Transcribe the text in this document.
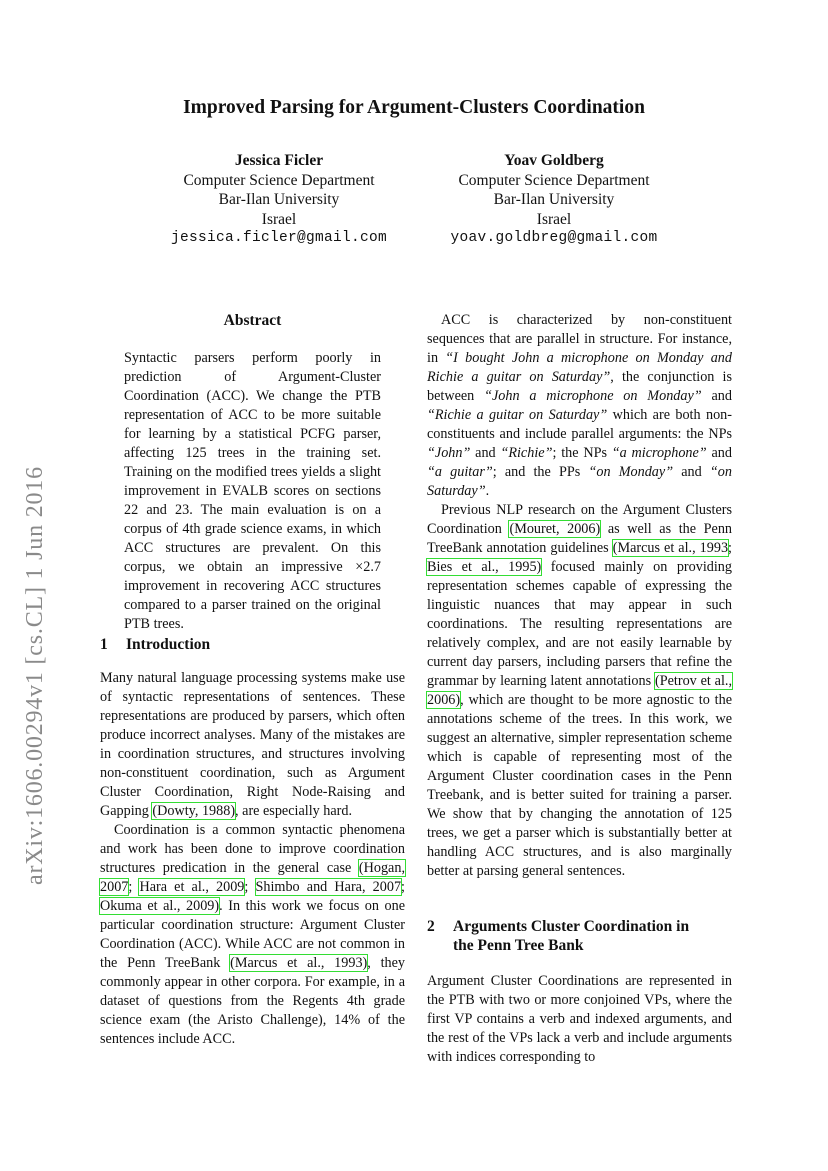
Improved Parsing for Argument-Clusters Coordination
Jessica Ficler
Computer Science Department
Bar-Ilan University
Israel
jessica.ficler@gmail.com
Yoav Goldberg
Computer Science Department
Bar-Ilan University
Israel
yoav.goldbreg@gmail.com
arXiv:1606.00294v1 [cs.CL] 1 Jun 2016
Abstract
Syntactic parsers perform poorly in prediction of Argument-Cluster Coordination (ACC). We change the PTB representation of ACC to be more suitable for learning by a statistical PCFG parser, affecting 125 trees in the training set. Training on the modified trees yields a slight improvement in EVALB scores on sections 22 and 23. The main evaluation is on a corpus of 4th grade science exams, in which ACC structures are prevalent. On this corpus, we obtain an impressive ×2.7 improvement in recovering ACC structures compared to a parser trained on the original PTB trees.
1 Introduction

Many natural language processing systems make use of syntactic representations of sentences. These representations are produced by parsers, which often produce incorrect analyses. Many of the mistakes are in coordination structures, and structures involving non-constituent coordination, such as Argument Cluster Coordination, Right Node-Raising and Gapping (Dowty, 1988), are especially hard.

Coordination is a common syntactic phenomena and work has been done to improve coordination structures predication in the general case (Hogan, 2007; Hara et al., 2009; Shimbo and Hara, 2007; Okuma et al., 2009). In this work we focus on one particular coordination structure: Argument Cluster Coordination (ACC). While ACC are not common in the Penn TreeBank (Marcus et al., 1993), they commonly appear in other corpora. For example, in a dataset of questions from the Regents 4th grade science exam (the Aristo Challenge), 14% of the sentences include ACC.

ACC is characterized by non-constituent sequences that are parallel in structure. For instance, in “I bought John a microphone on Monday and Richie a guitar on Saturday”, the conjunction is between “John a microphone on Monday” and “Richie a guitar on Saturday” which are both non-constituents and include parallel arguments: the NPs “John” and “Richie”; the NPs “a microphone” and “a guitar”; and the PPs “on Monday” and “on Saturday”.

Previous NLP research on the Argument Clusters Coordination (Mouret, 2006) as well as the Penn TreeBank annotation guidelines (Marcus et al., 1993; Bies et al., 1995) focused mainly on providing representation schemes capable of expressing the linguistic nuances that may appear in such coordinations. The resulting representations are relatively complex, and are not easily learnable by current day parsers, including parsers that refine the grammar by learning latent annotations (Petrov et al., 2006), which are thought to be more agnostic to the annotations scheme of the trees. In this work, we suggest an alternative, simpler representation scheme which is capable of representing most of the Argument Cluster coordination cases in the Penn Treebank, and is better suited for training a parser. We show that by changing the annotation of 125 trees, we get a parser which is substantially better at handling ACC structures, and is also marginally better at parsing general sentences.

2 Arguments Cluster Coordination in
the Penn Tree Bank

Argument Cluster Coordinations are represented in the PTB with two or more conjoined VPs, where the first VP contains a verb and indexed arguments, and the rest of the VPs lack a verb and include arguments with indices corresponding to
